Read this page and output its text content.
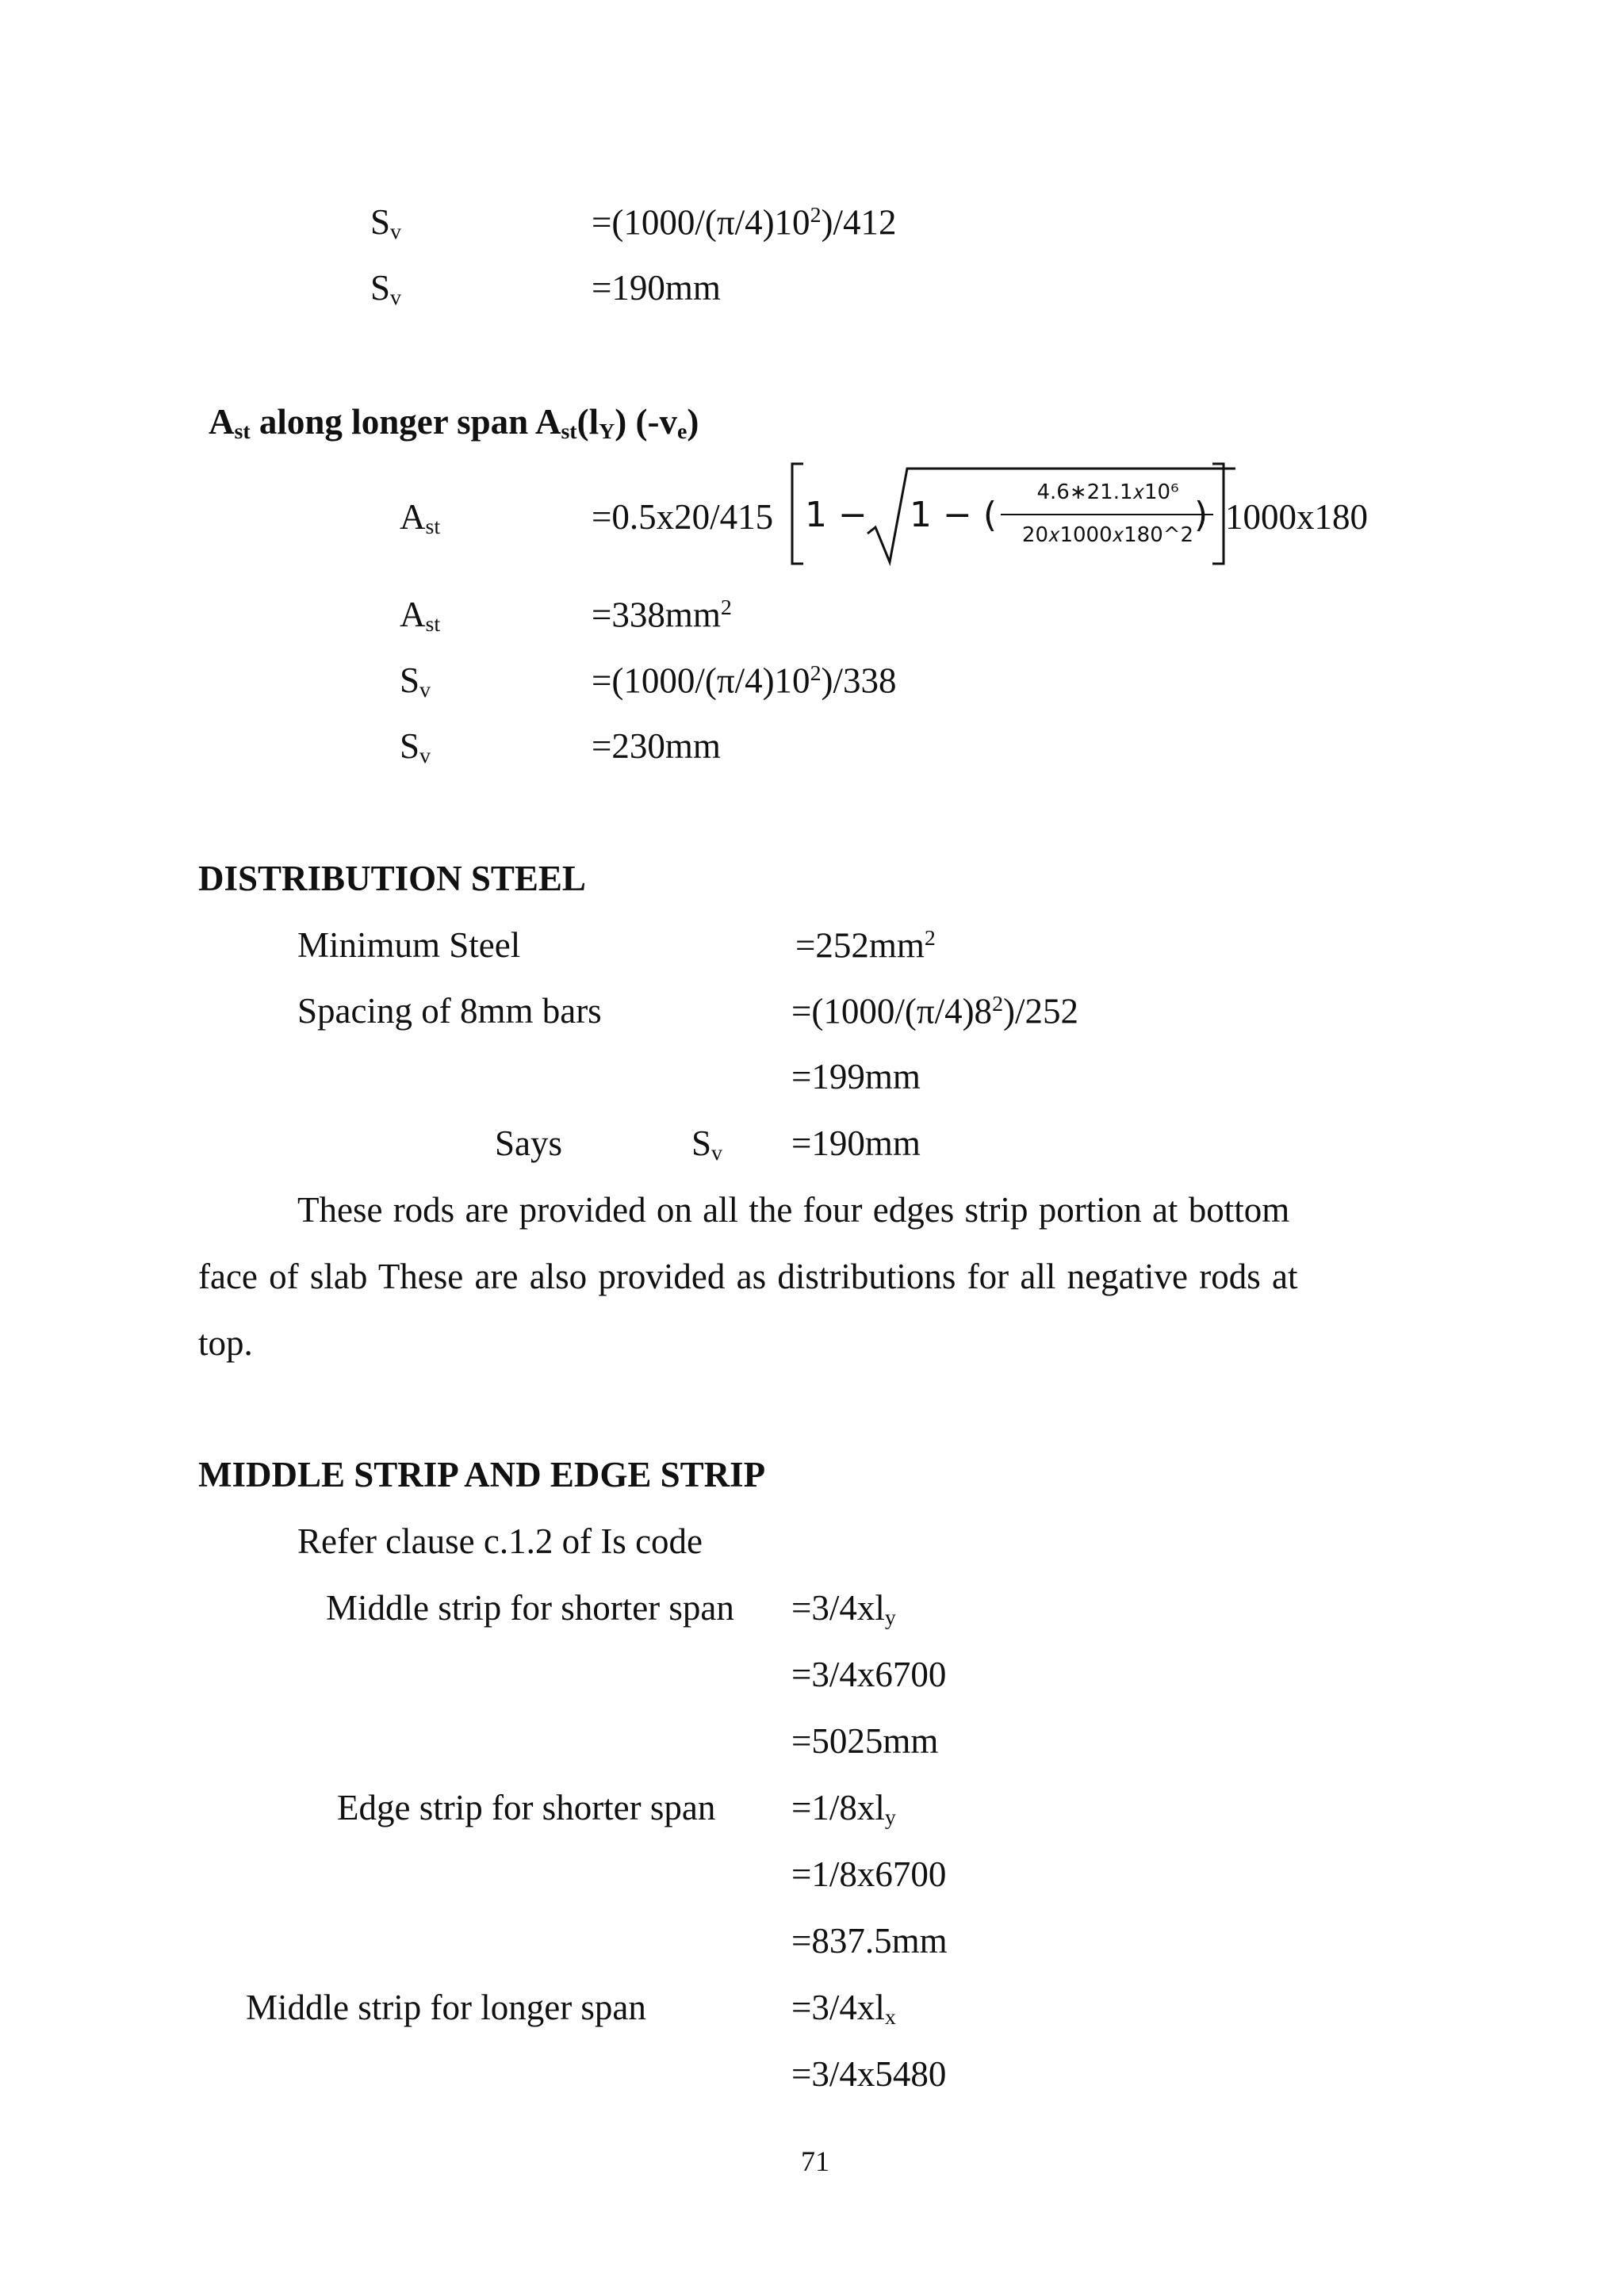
$S_v$	$=(1000/(\pi/4)10^2)/412$
$S_v$	=190mm
$A_{st}$ along longer span $A_{st}(l_Y)$ $(-v_e)$
$A_{st}$	=0.5x20/415 1 − 1 − (
4.6∗21.1𝑥10⁶
20𝑥1000𝑥180^2 ) 1000x180
$A_{st}$	$=338mm^2$
$S_v$	$=(1000/(\pi/4)10^2)/338$
$S_v$	=230mm
DISTRIBUTION STEEL
Minimum Steel	$=252mm^2$
Spacing of 8mm bars	$=(1000/(\pi/4)8^2)/252$
=199mm
Says	$S_v =190mm$
These rods are provided on all the four edges strip portion at bottom
face of slab These are also provided as distributions for all negative rods at
top.
MIDDLE STRIP AND EDGE STRIP
Refer clause c.1.2 of Is code
Middle strip for shorter span $=3/4xl_y$
=3/4x6700
=5025mm
Edge strip for shorter span $=1/8xl_y$
=1/8x6700
=837.5mm
Middle strip for longer span	$=3/4xl_x$
=3/4x5480
71
